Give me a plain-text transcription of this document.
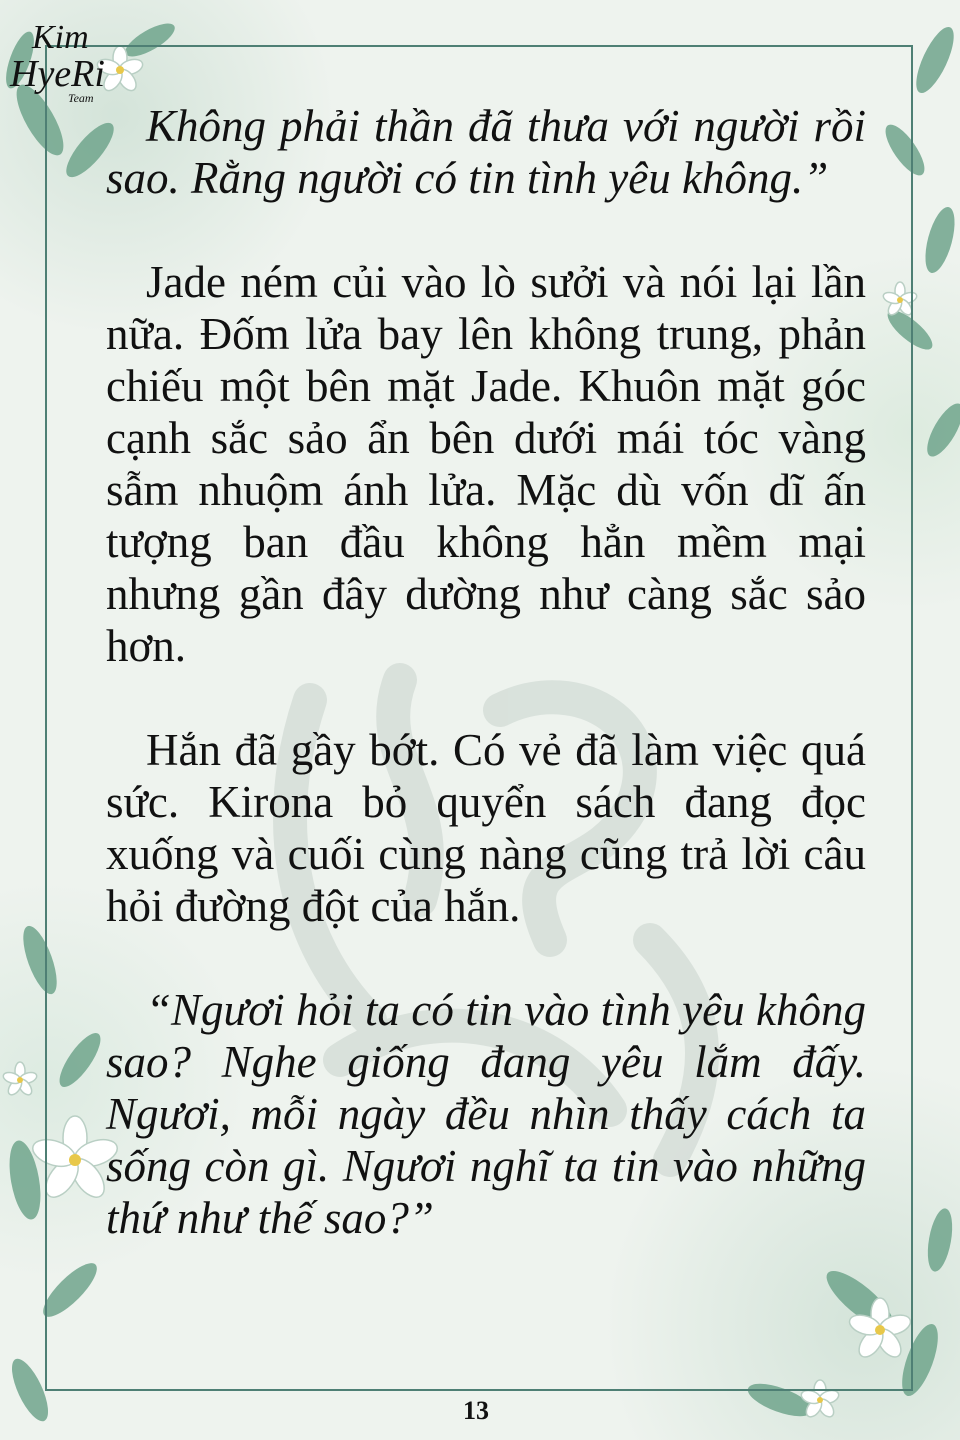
Kim
HyeRi
Team

Không phải thần đã thưa với người rồi sao. Rằng người có tin tình yêu không.”

Jade ném củi vào lò sưởi và nói lại lần nữa. Đốm lửa bay lên không trung, phản chiếu một bên mặt Jade. Khuôn mặt góc cạnh sắc sảo ẩn bên dưới mái tóc vàng sẫm nhuộm ánh lửa. Mặc dù vốn dĩ ấn tượng ban đầu không hẳn mềm mại nhưng gần đây dường như càng sắc sảo hơn.

Hắn đã gầy bớt. Có vẻ đã làm việc quá sức. Kirona bỏ quyển sách đang đọc xuống và cuối cùng nàng cũng trả lời câu hỏi đường đột của hắn.

“Ngươi hỏi ta có tin vào tình yêu không sao? Nghe giống đang yêu lắm đấy. Ngươi, mỗi ngày đều nhìn thấy cách ta sống còn gì. Ngươi nghĩ ta tin vào những thứ như thế sao?”

13
